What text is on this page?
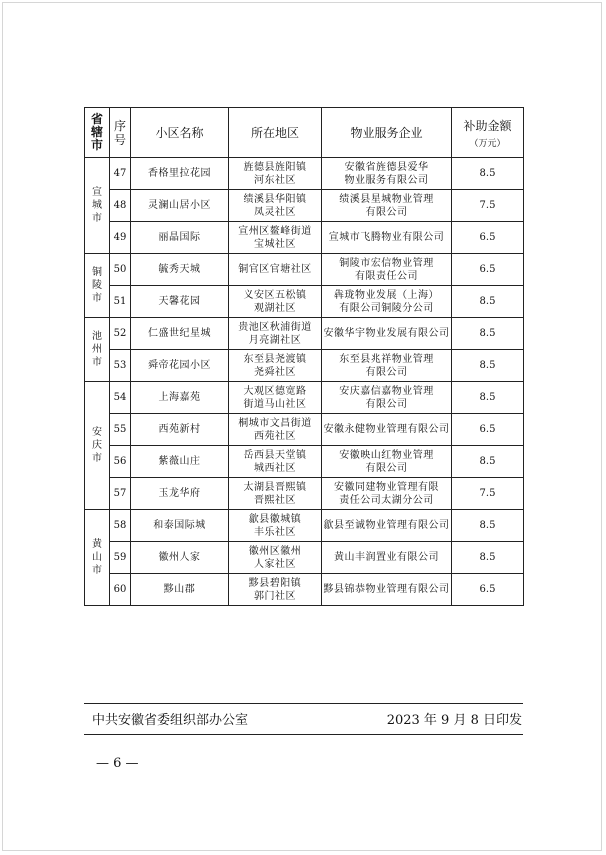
省
辖
市	序
号	小区名称	所在地区	物业服务企业	补助金额
（万元）

宣
城
市	47	香格里拉花园	旌德县旌阳镇河东社区	安徽省旌德县爱华物业服务有限公司	8.5
	48	灵澜山居小区	绩溪县华阳镇凤灵社区	绩溪县星城物业管理有限公司	7.5
	49	丽晶国际	宣州区鳌峰街道宝城社区	宣城市飞腾物业有限公司	6.5

铜
陵
市	50	毓秀天城	铜官区官塘社区	铜陵市宏信物业管理有限责任公司	6.5
	51	天馨花园	义安区五松镇观湖社区	犇珑物业发展（上海）有限公司铜陵分公司	8.5

池
州
市	52	仁盛世纪星城	贵池区秋浦街道月亮湖社区	安徽华宇物业发展有限公司	8.5
	53	舜帝花园小区	东至县尧渡镇尧舜社区	东至县兆祥物业管理有限公司	8.5

安
庆
市	54	上海嘉苑	大观区德宽路街道马山社区	安庆嘉信嘉物业管理有限公司	8.5
	55	西苑新村	桐城市文昌街道西苑社区	安徽永健物业管理有限公司	6.5
	56	紫薇山庄	岳西县天堂镇城西社区	安徽映山红物业管理有限公司	8.5
	57	玉龙华府	太湖县晋熙镇晋熙社区	安徽同建物业管理有限责任公司太湖分公司	7.5

黄
山
市	58	和泰国际城	歙县徽城镇丰乐社区	歙县至诚物业管理有限公司	8.5
	59	徽州人家	徽州区徽州人家社区	黄山丰润置业有限公司	8.5
	60	黟山郡	黟县碧阳镇郭门社区	黟县锦恭物业管理有限公司	6.5
中共安徽省委组织部办公室	2023 年 9 月 8 日印发
— 6 —
